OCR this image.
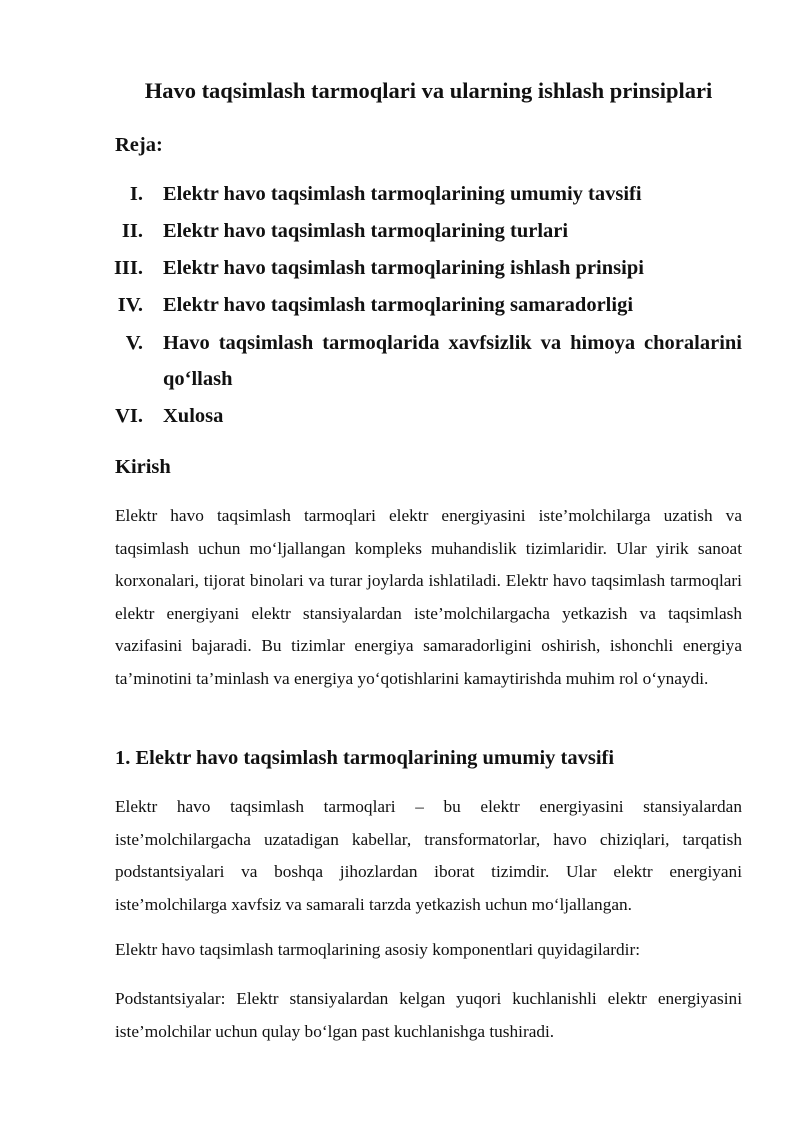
Havo taqsimlash tarmoqlari va ularning ishlash prinsiplari
Reja:
I. Elektr havo taqsimlash tarmoqlarining umumiy tavsifi
II. Elektr havo taqsimlash tarmoqlarining turlari
III. Elektr havo taqsimlash tarmoqlarining ishlash prinsipi
IV. Elektr havo taqsimlash tarmoqlarining samaradorligi
V. Havo taqsimlash tarmoqlarida xavfsizlik va himoya choralarini qo‘llash
VI. Xulosa
Kirish

Elektr havo taqsimlash tarmoqlari elektr energiyasini iste’molchilarga uzatish va taqsimlash uchun mo‘ljallangan kompleks muhandislik tizimlaridir. Ular yirik sanoat korxonalari, tijorat binolari va turar joylarda ishlatiladi. Elektr havo taqsimlash tarmoqlari elektr energiyani elektr stansiyalardan iste’molchilargacha yetkazish va taqsimlash vazifasini bajaradi. Bu tizimlar energiya samaradorligini oshirish, ishonchli energiya ta’minotini ta’minlash va energiya yo‘qotishlarini kamaytirishda muhim rol o‘ynaydi.

1. Elektr havo taqsimlash tarmoqlarining umumiy tavsifi

Elektr havo taqsimlash tarmoqlari – bu elektr energiyasini stansiyalardan iste’molchilargacha uzatadigan kabellar, transformatorlar, havo chiziqlari, tarqatish podstantsiyalari va boshqa jihozlardan iborat tizimdir. Ular elektr energiyani iste’molchilarga xavfsiz va samarali tarzda yetkazish uchun mo‘ljallangan.

Elektr havo taqsimlash tarmoqlarining asosiy komponentlari quyidagilardir:

Podstantsiyalar: Elektr stansiyalardan kelgan yuqori kuchlanishli elektr energiyasini iste’molchilar uchun qulay bo‘lgan past kuchlanishga tushiradi.
